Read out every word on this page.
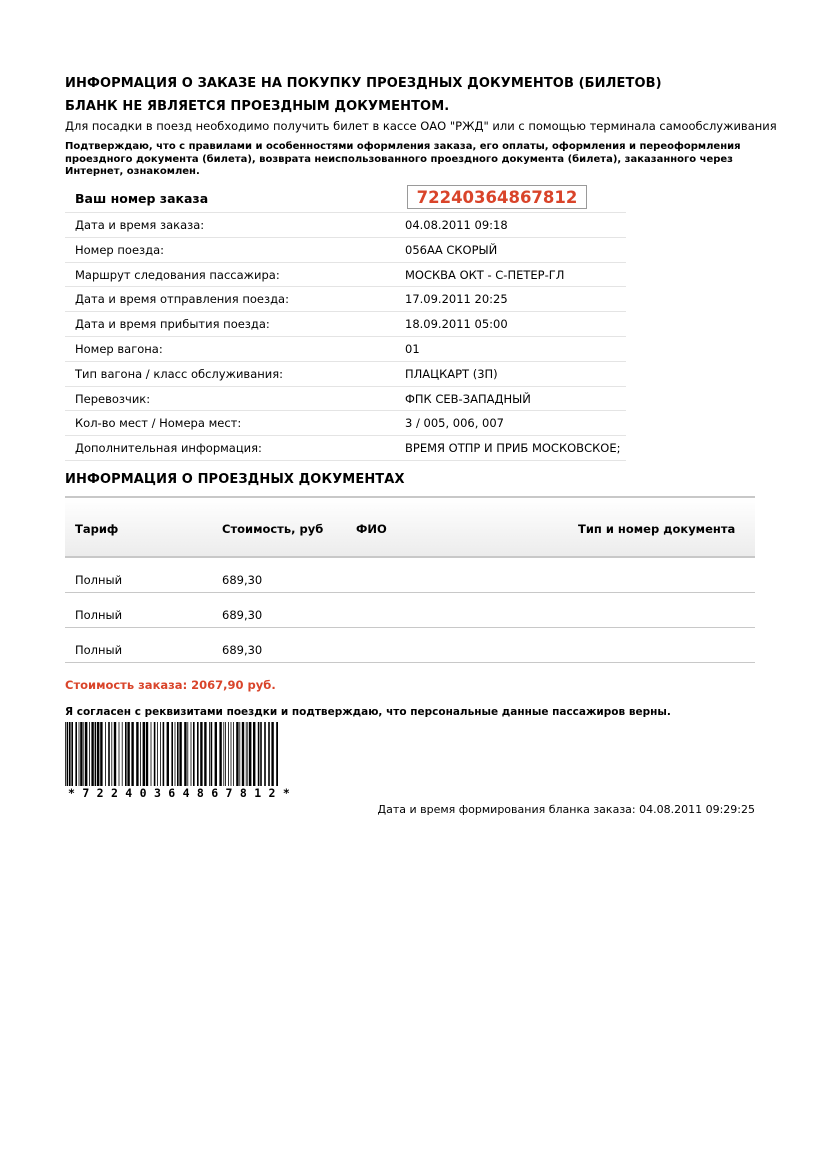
ИНФОРМАЦИЯ О ЗАКАЗЕ НА ПОКУПКУ ПРОЕЗДНЫХ ДОКУМЕНТОВ (БИЛЕТОВ)
БЛАНК НЕ ЯВЛЯЕТСЯ ПРОЕЗДНЫМ ДОКУМЕНТОМ.
Для посадки в поезд необходимо получить билет в кассе ОАО "РЖД" или с помощью терминала самообслуживания
Подтверждаю, что с правилами и особенностями оформления заказа, его оплаты, оформления и переоформления проездного документа (билета), возврата неиспользованного проездного документа (билета), заказанного через Интернет, ознакомлен.
Ваш номер заказа	72240364867812
Дата и время заказа:	04.08.2011 09:18
Номер поезда:	056АА СКОРЫЙ
Маршрут следования пассажира:	МОСКВА ОКТ - С-ПЕТЕР-ГЛ
Дата и время отправления поезда:	17.09.2011 20:25
Дата и время прибытия поезда:	18.09.2011 05:00
Номер вагона:	01
Тип вагона / класс обслуживания:	ПЛАЦКАРТ (3П)
Перевозчик:	ФПК СЕВ-ЗАПАДНЫЙ
Кол-во мест / Номера мест:	3 / 005, 006, 007
Дополнительная информация:	ВРЕМЯ ОТПР И ПРИБ МОСКОВСКОЕ;
ИНФОРМАЦИЯ О ПРОЕЗДНЫХ ДОКУМЕНТАХ
Тариф	Стоимость, руб	ФИО	Тип и номер документа
Полный	689,30
Полный	689,30
Полный	689,30
Стоимость заказа: 2067,90 руб.
Я согласен с реквизитами поездки и подтверждаю, что персональные данные пассажиров верны.
*72240364867812*
Дата и время формирования бланка заказа: 04.08.2011 09:29:25
